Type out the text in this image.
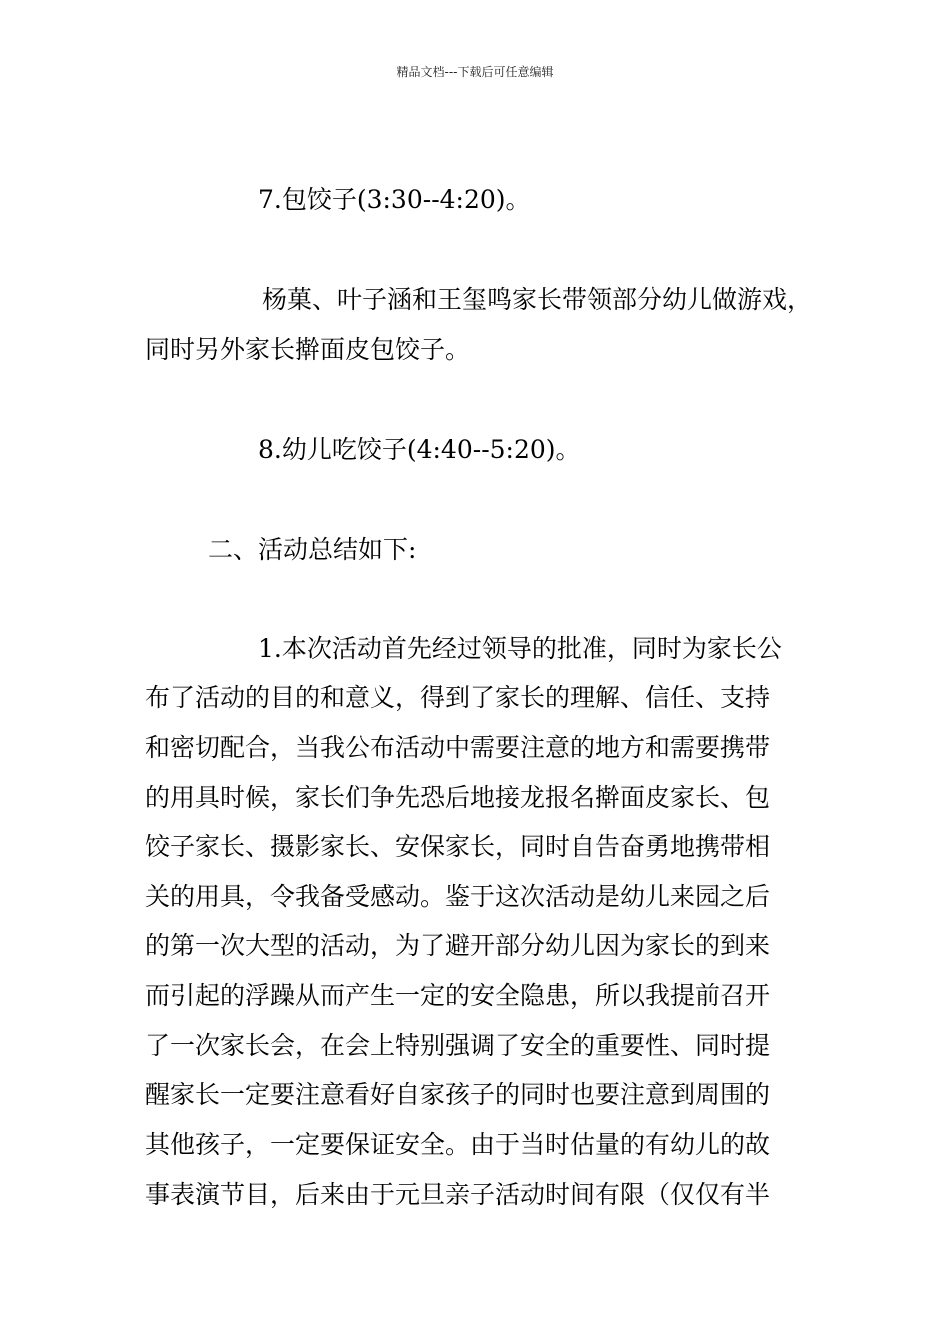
精品文档---下载后可任意编辑
7.包饺子(3:30--4:20)。
杨菓、叶子涵和王玺鸣家长带领部分幼儿做游戏，
同时另外家长擀面皮包饺子。
8.幼儿吃饺子(4:40--5:20)。
二、活动总结如下:
1.本次活动首先经过领导的批准，同时为家长公
布了活动的目的和意义，得到了家长的理解、信任、支持
和密切配合，当我公布活动中需要注意的地方和需要携带
的用具时候，家长们争先恐后地接龙报名擀面皮家长、包
饺子家长、摄影家长、安保家长，同时自告奋勇地携带相
关的用具，令我备受感动。鉴于这次活动是幼儿来园之后
的第一次大型的活动，为了避开部分幼儿因为家长的到来
而引起的浮躁从而产生一定的安全隐患，所以我提前召开
了一次家长会，在会上特别强调了安全的重要性、同时提
醒家长一定要注意看好自家孩子的同时也要注意到周围的
其他孩子，一定要保证安全。由于当时估量的有幼儿的故
事表演节目，后来由于元旦亲子活动时间有限（仅仅有半
